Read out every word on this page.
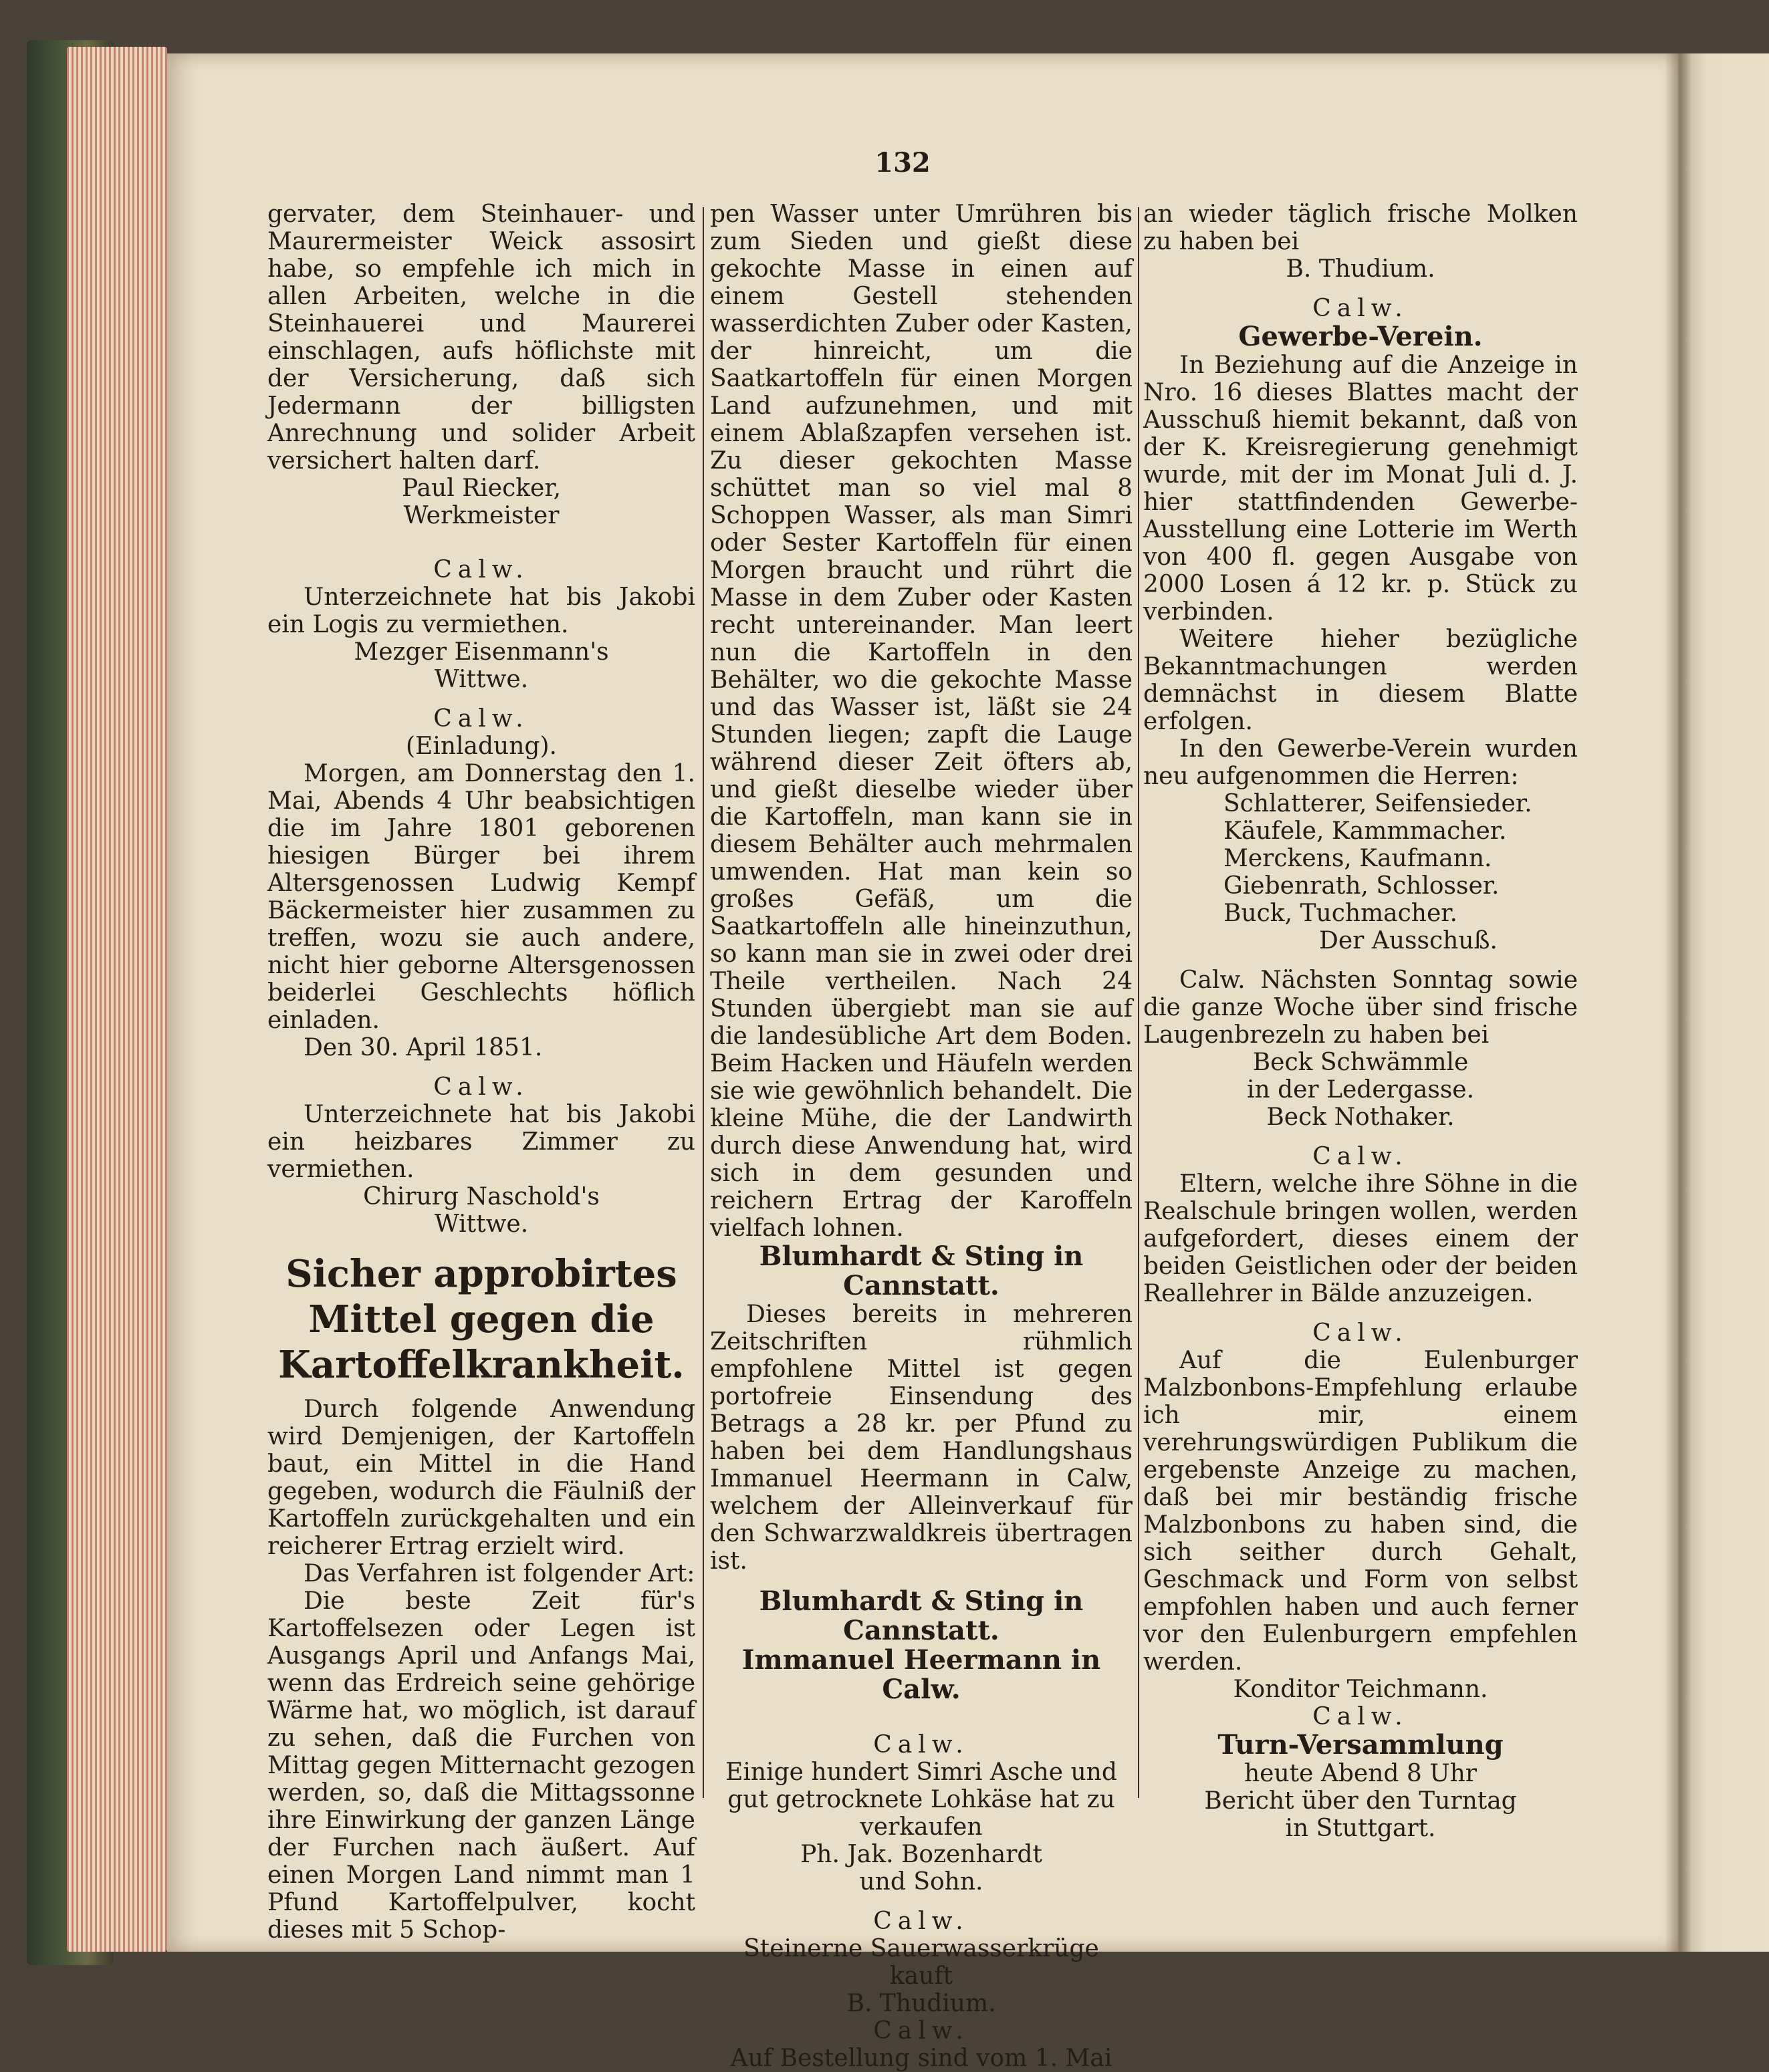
132

gervater, dem Steinhauer- und Maurermeister Weick assosirt habe, so empfehle ich mich in allen Arbeiten, welche in die Steinhauerei und Maurerei einschlagen, aufs höflichste mit der Versicherung, daß sich Jedermann der billigsten Anrechnung und solider Arbeit versichert halten darf.

Paul Riecker,

Werkmeister

Calw.

Unterzeichnete hat bis Jakobi ein Logis zu vermiethen.

Mezger Eisenmann's

Wittwe.

Calw.

(Einladung).

Morgen, am Donnerstag den 1. Mai, Abends 4 Uhr beabsichtigen die im Jahre 1801 geborenen hiesigen Bürger bei ihrem Altersgenossen Ludwig Kempf Bäckermeister hier zusammen zu treffen, wozu sie auch andere, nicht hier geborne Altersgenossen beiderlei Geschlechts höflich einladen.

Den 30. April 1851.

Calw.

Unterzeichnete hat bis Jakobi ein heizbares Zimmer zu vermiethen.

Chirurg Naschold's

Wittwe.

Sicher approbirtes Mittel gegen die Kartoffelkrankheit.

Durch folgende Anwendung wird Demjenigen, der Kartoffeln baut, ein Mittel in die Hand gegeben, wodurch die Fäulniß der Kartoffeln zurückgehalten und ein reicherer Ertrag erzielt wird.

Das Verfahren ist folgender Art:

Die beste Zeit für's Kartoffelsezen oder Legen ist Ausgangs April und Anfangs Mai, wenn das Erdreich seine gehörige Wärme hat, wo möglich, ist darauf zu sehen, daß die Furchen von Mittag gegen Mitternacht gezogen werden, so, daß die Mittagssonne ihre Einwirkung der ganzen Länge der Furchen nach äußert. Auf einen Morgen Land nimmt man 1 Pfund Kartoffelpulver, kocht dieses mit 5 Schop-

pen Wasser unter Umrühren bis zum Sieden und gießt diese gekochte Masse in einen auf einem Gestell stehenden wasserdichten Zuber oder Kasten, der hinreicht, um die Saatkartoffeln für einen Morgen Land aufzunehmen, und mit einem Ablaßzapfen versehen ist. Zu dieser gekochten Masse schüttet man so viel mal 8 Schoppen Wasser, als man Simri oder Sester Kartoffeln für einen Morgen braucht und rührt die Masse in dem Zuber oder Kasten recht untereinander. Man leert nun die Kartoffeln in den Behälter, wo die gekochte Masse und das Wasser ist, läßt sie 24 Stunden liegen; zapft die Lauge während dieser Zeit öfters ab, und gießt dieselbe wieder über die Kartoffeln, man kann sie in diesem Behälter auch mehrmalen umwenden. Hat man kein so großes Gefäß, um die Saatkartoffeln alle hineinzuthun, so kann man sie in zwei oder drei Theile vertheilen. Nach 24 Stunden übergiebt man sie auf die landesübliche Art dem Boden. Beim Hacken und Häufeln werden sie wie gewöhnlich behandelt. Die kleine Mühe, die der Landwirth durch diese Anwendung hat, wird sich in dem gesunden und reichern Ertrag der Karoffeln vielfach lohnen.

Blumhardt & Sting in Cannstatt.

Dieses bereits in mehreren Zeitschriften rühmlich empfohlene Mittel ist gegen portofreie Einsendung des Betrags a 28 kr. per Pfund zu haben bei dem Handlungshaus Immanuel Heermann in Calw, welchem der Alleinverkauf für den Schwarzwaldkreis übertragen ist.

Blumhardt & Sting in Cannstatt.
Immanuel Heermann in Calw.

Calw.

Einige hundert Simri Asche und gut getrocknete Lohkäse hat zu verkaufen

Ph. Jak. Bozenhardt

und Sohn.

Calw.

Steinerne Sauerwasserkrüge kauft

B. Thudium.

Calw.

Auf Bestellung sind vom 1. Mai

an wieder täglich frische Molken zu haben bei

B. Thudium.

Calw.

Gewerbe-Verein.

In Beziehung auf die Anzeige in Nro. 16 dieses Blattes macht der Ausschuß hiemit bekannt, daß von der K. Kreisregierung genehmigt wurde, mit der im Monat Juli d. J. hier stattfindenden Gewerbe-Ausstellung eine Lotterie im Werth von 400 fl. gegen Ausgabe von 2000 Losen á 12 kr. p. Stück zu verbinden.

Weitere hieher bezügliche Bekanntmachungen werden demnächst in diesem Blatte erfolgen.

In den Gewerbe-Verein wurden neu aufgenommen die Herren:

Schlatterer, Seifensieder.

Käufele, Kammmacher.

Merckens, Kaufmann.

Giebenrath, Schlosser.

Buck, Tuchmacher.

Der Ausschuß.

Calw. Nächsten Sonntag sowie die ganze Woche über sind frische Laugenbrezeln zu haben bei

Beck Schwämmle

in der Ledergasse.

Beck Nothaker.

Calw.

Eltern, welche ihre Söhne in die Realschule bringen wollen, werden aufgefordert, dieses einem der beiden Geistlichen oder der beiden Reallehrer in Bälde anzuzeigen.

Calw.

Auf die Eulenburger Malzbonbons-Empfehlung erlaube ich mir, einem verehrungswürdigen Publikum die ergebenste Anzeige zu machen, daß bei mir beständig frische Malzbonbons zu haben sind, die sich seither durch Gehalt, Geschmack und Form von selbst empfohlen haben und auch ferner vor den Eulenburgern empfehlen werden.

Konditor Teichmann.

Calw.

Turn-Versammlung

heute Abend 8 Uhr

Bericht über den Turntag

in Stuttgart.
